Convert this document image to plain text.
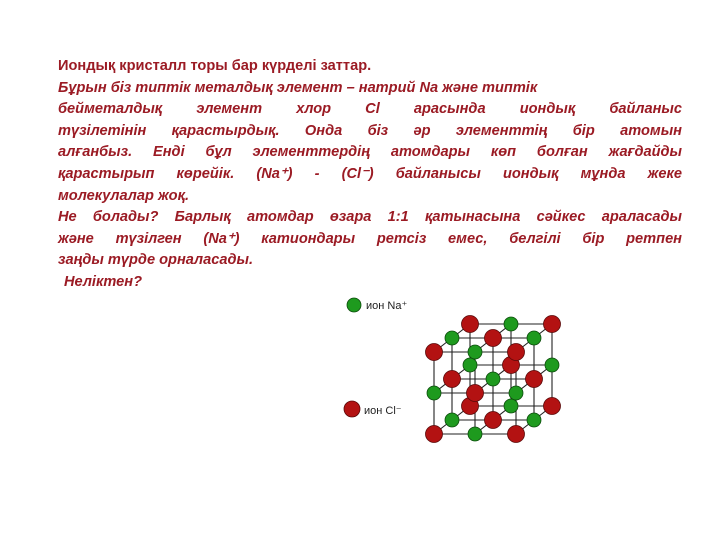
Иондық кристалл торы бар күрделі заттар.
Бұрын біз типтік металдық элемент – натрий Na және типтік
бейметалдық элемент хлор Cl арасында иондық байланыс
түзілетінін қарастырдық. Онда біз әр элементтің бір атомын
алғанбыз. Енді бұл элементтердің атомдары көп болған жағдайды
қарастырып көрейік. (Na⁺) - (Cl⁻) байланысы иондық мұнда жеке
молекулалар жоқ.
Не болады? Барлық атомдар өзара 1:1 қатынасына сәйкес араласады
және түзілген (Na⁺) катиондары ретсіз емес, белгілі бір ретпен
заңды түрде орналасады.
Неліктен?
ион Na⁺
ион Cl⁻
